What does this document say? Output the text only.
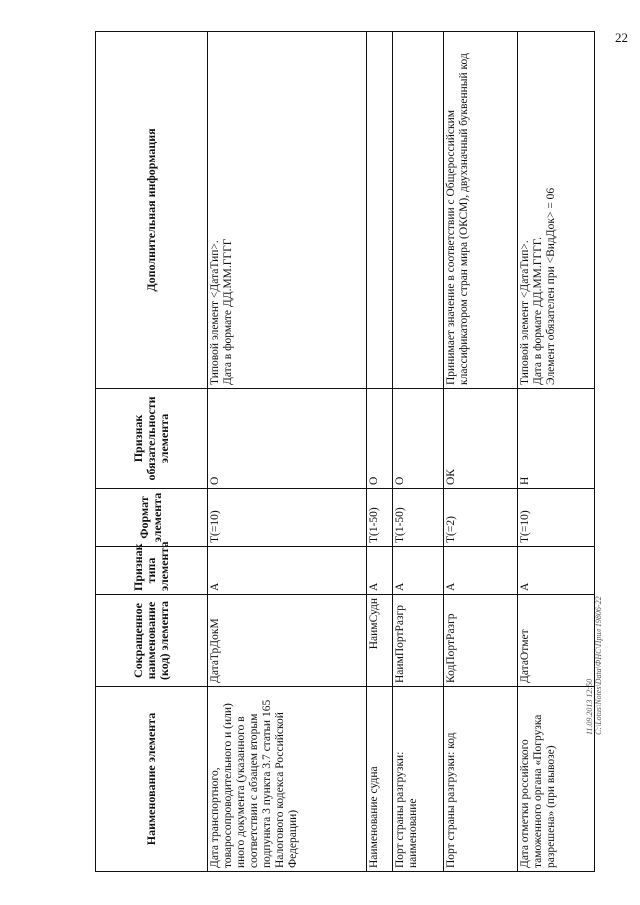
22
11.09.2013 12:50 C:\Lotus\Notes\Data\ФНС\Прил 19806-22
Наименование элемента	Сокращенное наименование (код) элемента	Признак типа элемента	Формат элемента	Признак обязательности элемента	Дополнительная информация
Дата транспортного, товаросопроводительного и (или) иного документа (указанного в соответствии с абзацем вторым подпункта 3 пункта 3.7 статьи 165 Налогового кодекса Российской Федерации)	ДатаТрДокМ	А	T(=10)	О	Типовой элемент <ДатаТип>.
Дата в формате ДД.ММ.ГГГГ
Наименование судна	НаимСудн	А	T(1-50)	О	
Порт страны разгрузки: наименование	НаимПортРазгр	А	T(1-50)	О	
Порт страны разгрузки: код	КодПортРазгр	А	T(=2)	ОК	Принимает значение в соответствии с Общероссийским классификатором стран мира (ОКСМ), двухзначный буквенный код
Дата отметки российского таможенного органа «Погрузка разрешена» (при вывозе)	ДатаОтмет	А	T(=10)	Н	Типовой элемент <ДатаТип>.
Дата в формате ДД.ММ.ГГГГ.
Элемент обязателен при <ВидДок> = 06
